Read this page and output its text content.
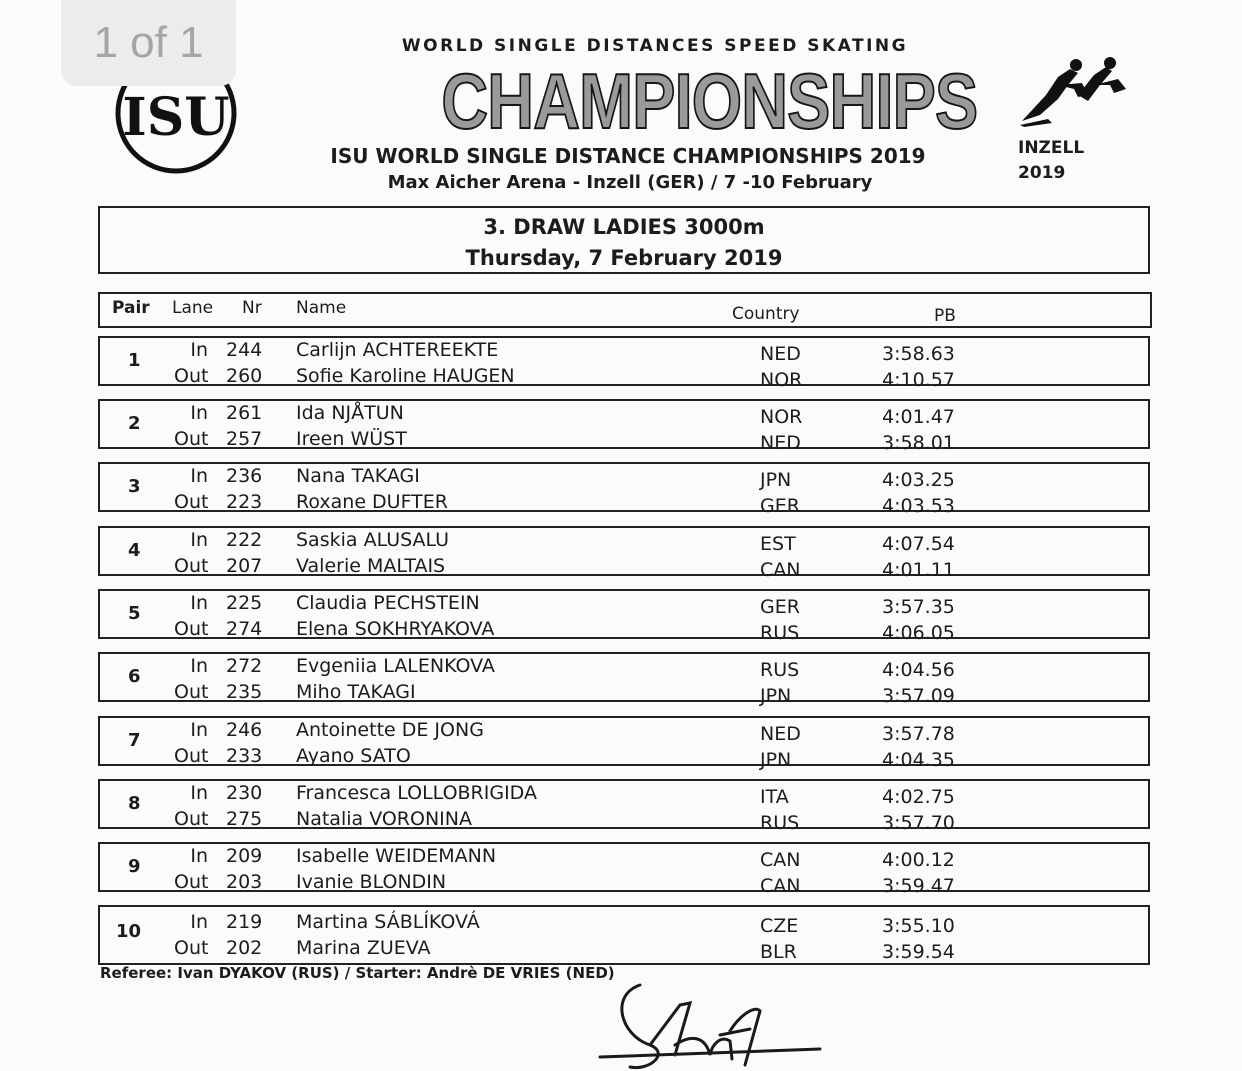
1 of 1
ISU
WORLD SINGLE DISTANCES SPEED SKATING
CHAMPIONSHIPS
ISU WORLD SINGLE DISTANCE CHAMPIONSHIPS 2019
Max Aicher Arena - Inzell (GER) / 7 -10 February
INZELL
2019
3. DRAW LADIES 3000m
Thursday, 7 February 2019
Pair Lane Nr Name	Country	PB
1	In 244 Carlijn ACHTEREEKTE	NED	3:58.63
Out 260 Sofie Karoline HAUGEN	NOR	4:10.57
2	In 261 Ida NJÅTUN	NOR	4:01.47
Out 257 Ireen WÜST	NED	3:58.01
3	In 236 Nana TAKAGI	JPN	4:03.25
Out 223 Roxane DUFTER	GER	4:03.53
4	In 222 Saskia ALUSALU	EST	4:07.54
Out 207 Valerie MALTAIS	CAN	4:01.11
5	In 225 Claudia PECHSTEIN	GER	3:57.35
Out 274 Elena SOKHRYAKOVA	RUS	4:06.05
6	In 272 Evgeniia LALENKOVA	RUS	4:04.56
Out 235 Miho TAKAGI	JPN	3:57.09
7	In 246 Antoinette DE JONG	NED	3:57.78
Out 233 Ayano SATO	JPN	4:04.35
8	In 230 Francesca LOLLOBRIGIDA	ITA	4:02.75
Out 275 Natalia VORONINA	RUS	3:57.70
9	In 209 Isabelle WEIDEMANN	CAN	4:00.12
Out 203 Ivanie BLONDIN	CAN	3:59.47
10	In 219 Martina SÁBLÍKOVÁ	CZE	3:55.10
Out 202 Marina ZUEVA	BLR	3:59.54
Referee: Ivan DYAKOV (RUS) / Starter: Andrè DE VRIES (NED)
